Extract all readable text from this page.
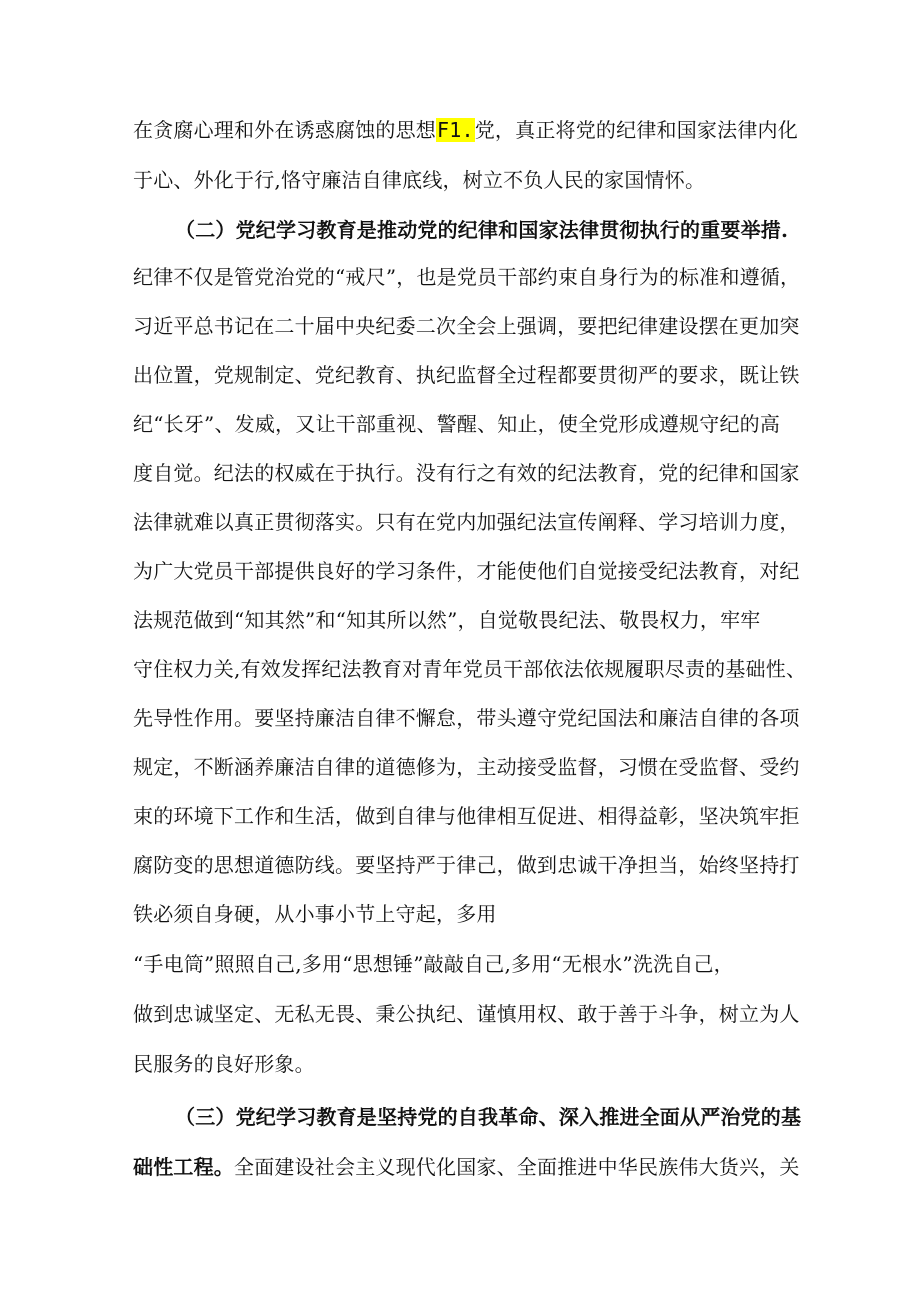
在贪腐心理和外在诱惑腐蚀的思想F1.党，真正将党的纪律和国家法律内化
于心、外化于行,恪守廉洁自律底线，树立不负人民的家国情怀。
（二）党纪学习教育是推动党的纪律和国家法律贯彻执行的重要举措.
纪律不仅是管党治党的“戒尺”，也是党员干部约束自身行为的标准和遵循，
习近平总书记在二十届中央纪委二次全会上强调，要把纪律建设摆在更加突
出位置，党规制定、党纪教育、执纪监督全过程都要贯彻严的要求，既让铁
纪“长牙”、发威，又让干部重视、警醒、知止，使全党形成遵规守纪的高
度自觉。纪法的权威在于执行。没有行之有效的纪法教育，党的纪律和国家
法律就难以真正贯彻落实。只有在党内加强纪法宣传阐释、学习培训力度，
为广大党员干部提供良好的学习条件，才能使他们自觉接受纪法教育，对纪
法规范做到“知其然”和“知其所以然”，自觉敬畏纪法、敬畏权力，牢牢
守住权力关,有效发挥纪法教育对青年党员干部依法依规履职尽责的基础性、
先导性作用。要坚持廉洁自律不懈怠，带头遵守党纪国法和廉洁自律的各项
规定，不断涵养廉洁自律的道德修为，主动接受监督，习惯在受监督、受约
束的环境下工作和生活，做到自律与他律相互促进、相得益彰，坚决筑牢拒
腐防变的思想道德防线。要坚持严于律己，做到忠诚干净担当，始终坚持打
铁必须自身硬，从小事小节上守起，多用
“手电筒”照照自己,多用“思想锤”敲敲自己,多用“无根水”洗洗自己，
做到忠诚坚定、无私无畏、秉公执纪、谨慎用权、敢于善于斗争，树立为人
民服务的良好形象。
（三）党纪学习教育是坚持党的自我革命、深入推进全面从严治党的基
础性工程。全面建设社会主义现代化国家、全面推进中华民族伟大货兴，关
